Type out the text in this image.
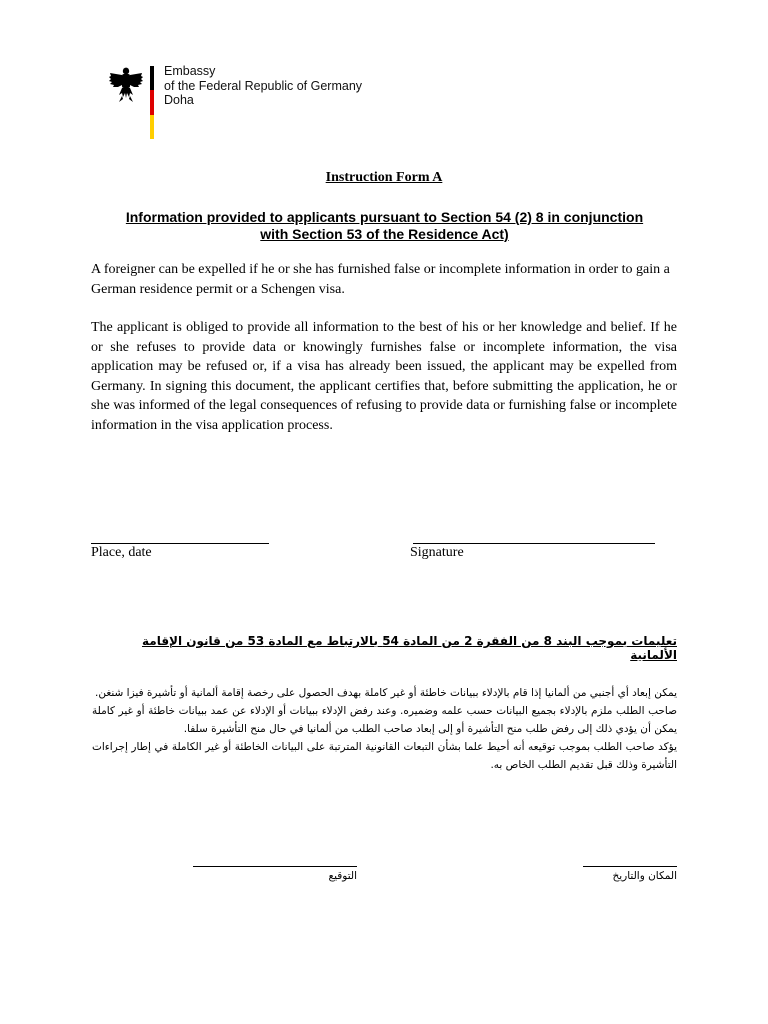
Embassy
of the Federal Republic of Germany
Doha
Instruction Form A
Information provided to applicants pursuant to Section 54 (2) 8 in conjunction
with Section 53 of the Residence Act)
A foreigner can be expelled if he or she has furnished false or incomplete information in order to gain a German residence permit or a Schengen visa.
The applicant is obliged to provide all information to the best of his or her knowledge and belief. If he or she refuses to provide data or knowingly furnishes false or incomplete information, the visa application may be refused or, if a visa has already been issued, the applicant may be expelled from Germany. In signing this document, the applicant certifies that, before submitting the application, he or she was informed of the legal consequences of refusing to provide data or furnishing false or incomplete information in the visa application process.
Place, date	Signature
تعليمات بموجب البند 8 من الفقرة 2 من المادة 54 بالارتباط مع المادة 53 من قانون الإقامة الألمانية
يمكن إبعاد أي أجنبي من ألمانيا إذا قام بالإدلاء ببيانات خاطئة أو غير كاملة بهدف الحصول على رخصة إقامة ألمانية أو تأشيرة فيزا شنغن.
صاحب الطلب ملزم بالإدلاء بجميع البيانات حسب علمه وضميره. وعند رفض الإدلاء ببيانات أو الإدلاء عن عمد ببيانات خاطئة أو غير كاملة يمكن أن يؤدي ذلك إلى رفض طلب منح التأشيرة أو إلى إبعاد صاحب الطلب من ألمانيا في حال منح التأشيرة سلفا.
يؤكد صاحب الطلب بموجب توقيعه أنه أحيط علما بشأن التبعات القانونية المترتبة على البيانات الخاطئة أو غير الكاملة في إطار إجراءات التأشيرة وذلك قبل تقديم الطلب الخاص به.
التوقيع	المكان والتاريخ
